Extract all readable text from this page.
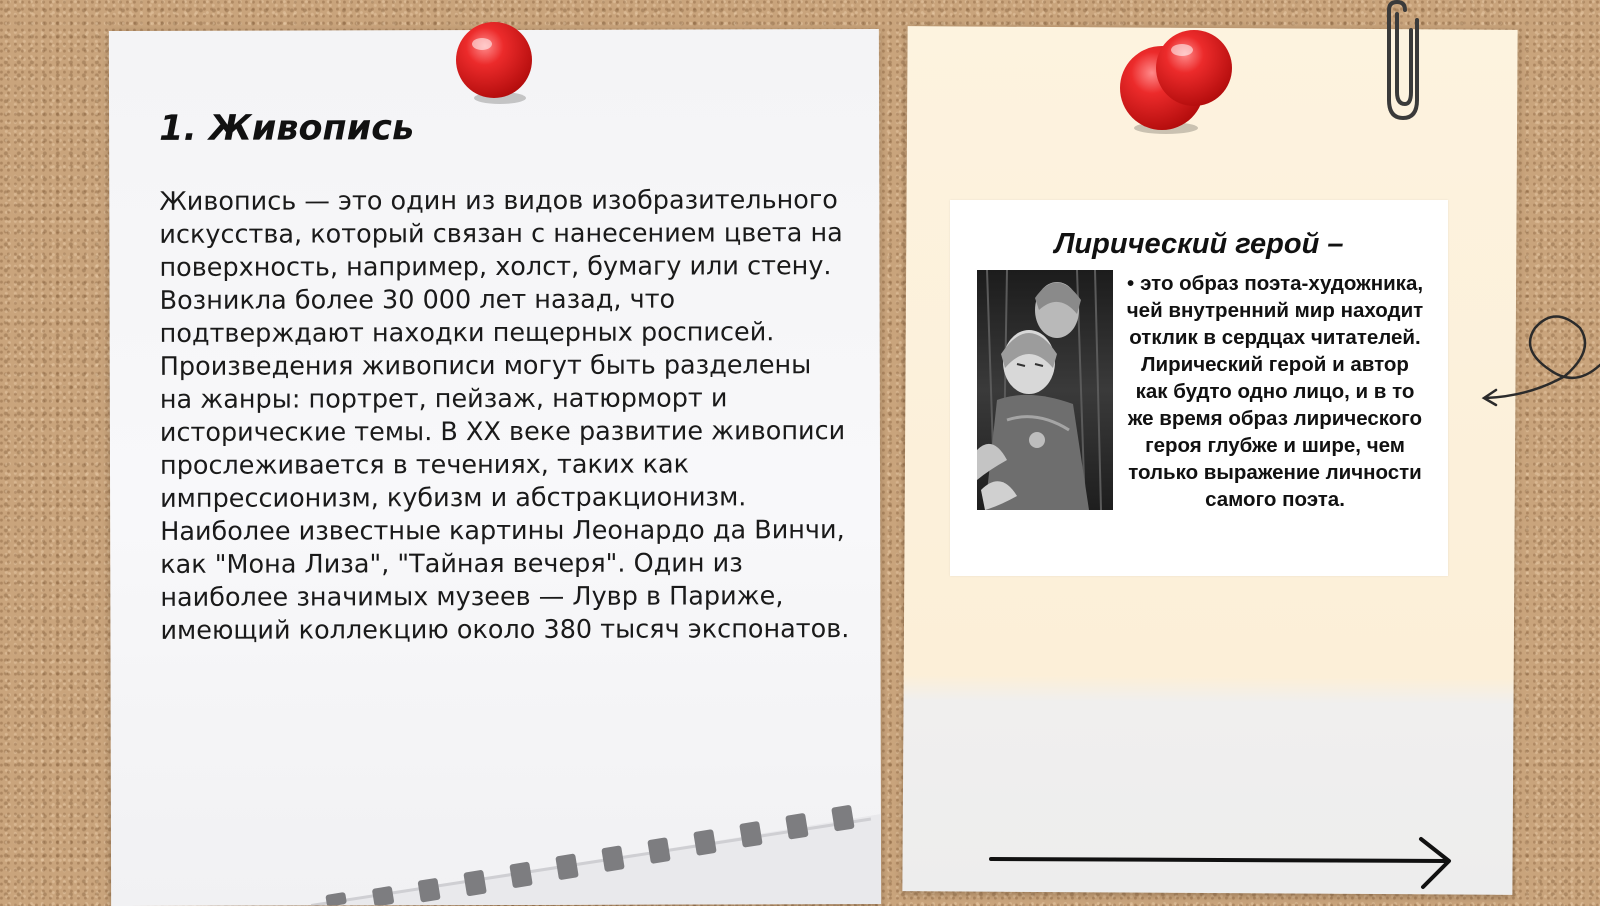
1. Живопись

Живопись — это один из видов изобразительного искусства, который связан с нанесением цвета на поверхность, например, холст, бумагу или стену. Возникла более 30 000 лет назад, что подтверждают находки пещерных росписей. Произведения живописи могут быть разделены на жанры: портрет, пейзаж, натюрморт и исторические темы. В XX веке развитие живописи прослеживается в течениях, таких как импрессионизм, кубизм и абстракционизм. Наиболее известные картины Леонардо да Винчи, как "Мона Лиза", "Тайная вечеря". Один из наиболее значимых музеев — Лувр в Париже, имеющий коллекцию около 380 тысяч экспонатов.

Лирический герой –

• это образ поэта-художника, чей внутренний мир находит отклик в сердцах читателей. Лирический герой и автор как будто одно лицо, и в то же время образ лирического героя глубже и шире, чем только выражение личности самого поэта.
